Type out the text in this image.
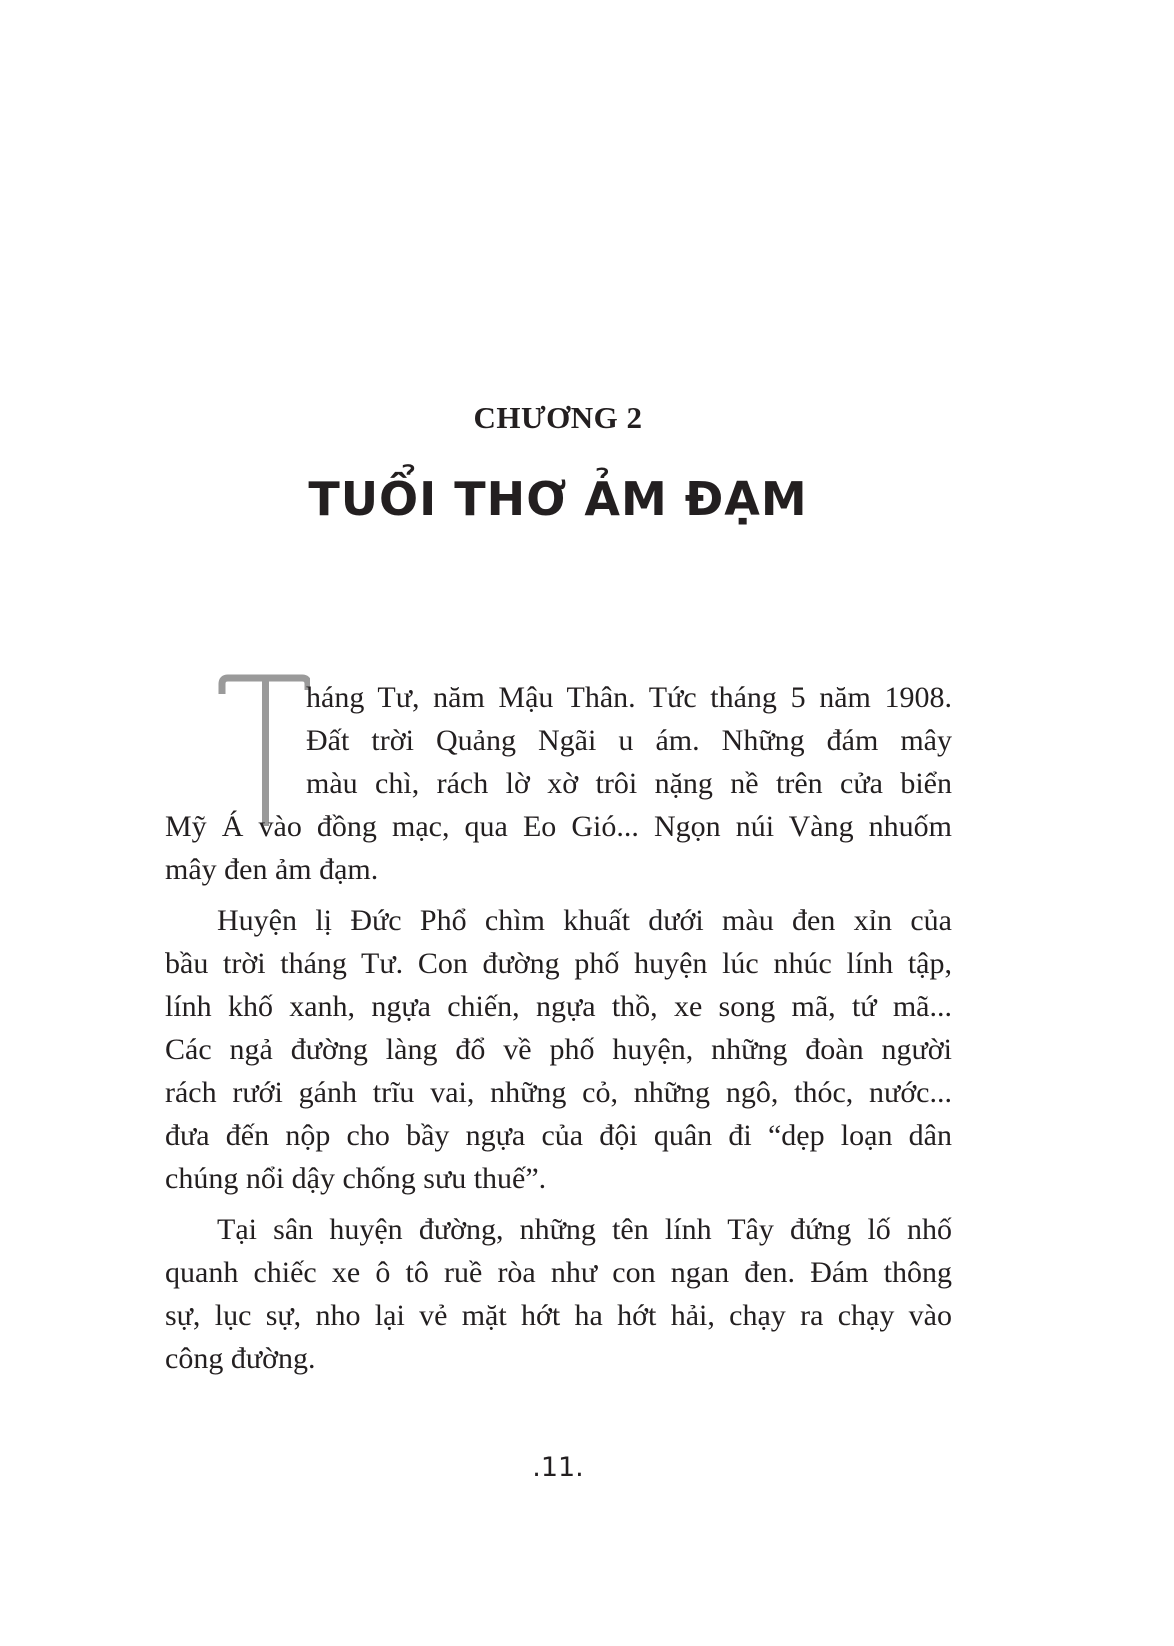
CHƯƠNG 2
TUỔI THƠ ẢM ĐẠM
háng Tư, năm Mậu Thân. Tức tháng 5 năm 1908.
Đất trời Quảng Ngãi u ám. Những đám mây
màu chì, rách lờ xờ trôi nặng nề trên cửa biển
Mỹ Á vào đồng mạc, qua Eo Gió... Ngọn núi Vàng nhuốm
mây đen ảm đạm.
Huyện lị Đức Phổ chìm khuất dưới màu đen xỉn của
bầu trời tháng Tư. Con đường phố huyện lúc nhúc lính tập,
lính khố xanh, ngựa chiến, ngựa thồ, xe song mã, tứ mã...
Các ngả đường làng đổ về phố huyện, những đoàn người
rách rưới gánh trĩu vai, những cỏ, những ngô, thóc, nước...
đưa đến nộp cho bầy ngựa của đội quân đi “dẹp loạn dân
chúng nổi dậy chống sưu thuế”.
Tại sân huyện đường, những tên lính Tây đứng lố nhố
quanh chiếc xe ô tô ruề ròa như con ngan đen. Đám thông
sự, lục sự, nho lại vẻ mặt hớt ha hớt hải, chạy ra chạy vào
công đường.
.11.
